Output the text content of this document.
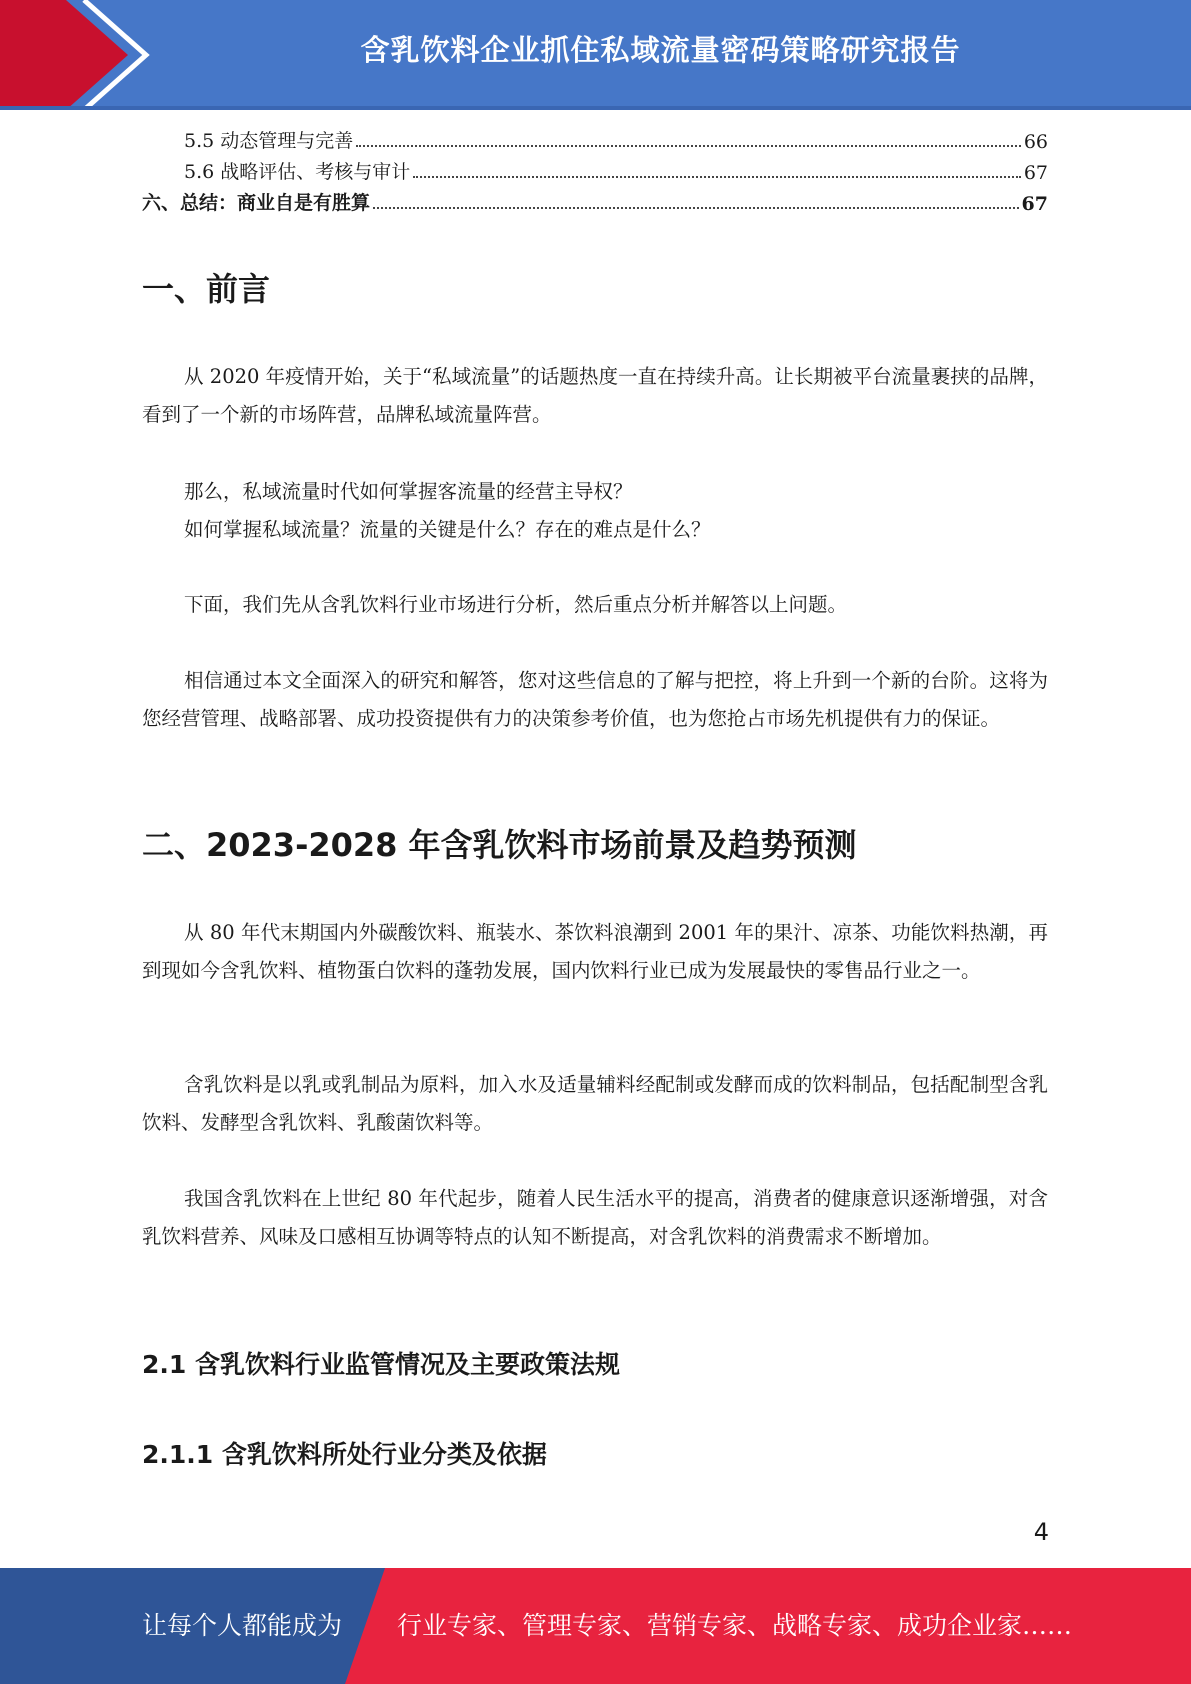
含乳饮料企业抓住私域流量密码策略研究报告
5.5 动态管理与完善	66
5.6 战略评估、考核与审计	67
六、总结：商业自是有胜算	67
一、前言

从 2020 年疫情开始，关于“私域流量”的话题热度一直在持续升高。让长期被平台流量裹挟的品牌，看到了一个新的市场阵营，品牌私域流量阵营。

那么，私域流量时代如何掌握客流量的经营主导权？

如何掌握私域流量？流量的关键是什么？存在的难点是什么？

下面，我们先从含乳饮料行业市场进行分析，然后重点分析并解答以上问题。

相信通过本文全面深入的研究和解答，您对这些信息的了解与把控，将上升到一个新的台阶。这将为您经营管理、战略部署、成功投资提供有力的决策参考价值，也为您抢占市场先机提供有力的保证。

二、2023-2028 年含乳饮料市场前景及趋势预测

从 80 年代末期国内外碳酸饮料、瓶装水、茶饮料浪潮到 2001 年的果汁、凉茶、功能饮料热潮，再到现如今含乳饮料、植物蛋白饮料的蓬勃发展，国内饮料行业已成为发展最快的零售品行业之一。

含乳饮料是以乳或乳制品为原料，加入水及适量辅料经配制或发酵而成的饮料制品，包括配制型含乳饮料、发酵型含乳饮料、乳酸菌饮料等。

我国含乳饮料在上世纪 80 年代起步，随着人民生活水平的提高，消费者的健康意识逐渐增强，对含乳饮料营养、风味及口感相互协调等特点的认知不断提高，对含乳饮料的消费需求不断增加。

2.1 含乳饮料行业监管情况及主要政策法规
2.1.1 含乳饮料所处行业分类及依据
4
让每个人都能成为 行业专家、管理专家、营销专家、战略专家、成功企业家……
